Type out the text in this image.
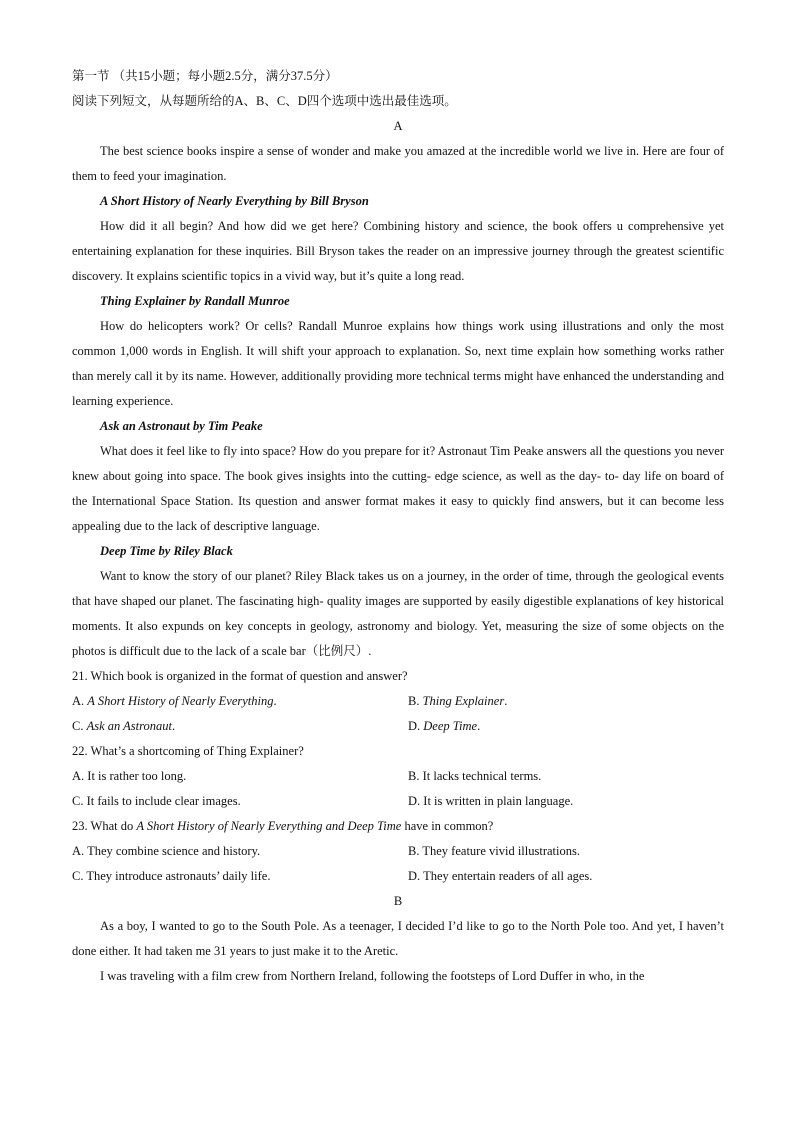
第一节 （共15小题；每小题2.5分，满分37.5分）
阅读下列短文，从每题所给的A、B、C、D四个选项中选出最佳选项。
A

The best science books inspire a sense of wonder and make you amazed at the incredible world we live in. Here are four of them to feed your imagination.

A Short History of Nearly Everything by Bill Bryson

How did it all begin? And how did we get here? Combining history and science, the book offers u comprehensive yet entertaining explanation for these inquiries. Bill Bryson takes the reader on an impressive journey through the greatest scientific discovery. It explains scientific topics in a vivid way, but it’s quite a long read.

Thing Explainer by Randall Munroe

How do helicopters work? Or cells? Randall Munroe explains how things work using illustrations and only the most common 1,000 words in English. It will shift your approach to explanation. So, next time explain how something works rather than merely call it by its name. However, additionally providing more technical terms might have enhanced the understanding and learning experience.

Ask an Astronaut by Tim Peake

What does it feel like to fly into space? How do you prepare for it? Astronaut Tim Peake answers all the questions you never knew about going into space. The book gives insights into the cutting- edge science, as well as the day- to- day life on board of the International Space Station. Its question and answer format makes it easy to quickly find answers, but it can become less appealing due to the lack of descriptive language.

Deep Time by Riley Black

Want to know the story of our planet? Riley Black takes us on a journey, in the order of time, through the geological events that have shaped our planet. The fascinating high- quality images are supported by easily digestible explanations of key historical moments. It also expunds on key concepts in geology, astronomy and biology. Yet, measuring the size of some objects on the photos is difficult due to the lack of a scale bar（比例尺）.

21. Which book is organized in the format of question and answer?
A. A Short History of Nearly Everything.	B. Thing Explainer.
C. Ask an Astronaut.	D. Deep Time.
22. What’s a shortcoming of Thing Explainer?
A. It is rather too long.	B. It lacks technical terms.
C. It fails to include clear images.	D. It is written in plain language.
23. What do A Short History of Nearly Everything and Deep Time have in common?
A. They combine science and history.	B. They feature vivid illustrations.
C. They introduce astronauts’ daily life.	D. They entertain readers of all ages.
B

As a boy, I wanted to go to the South Pole. As a teenager, I decided I’d like to go to the North Pole too. And yet, I haven’t done either. It had taken me 31 years to just make it to the Aretic.

I was traveling with a film crew from Northern Ireland, following the footsteps of Lord Duffer in who, in the
